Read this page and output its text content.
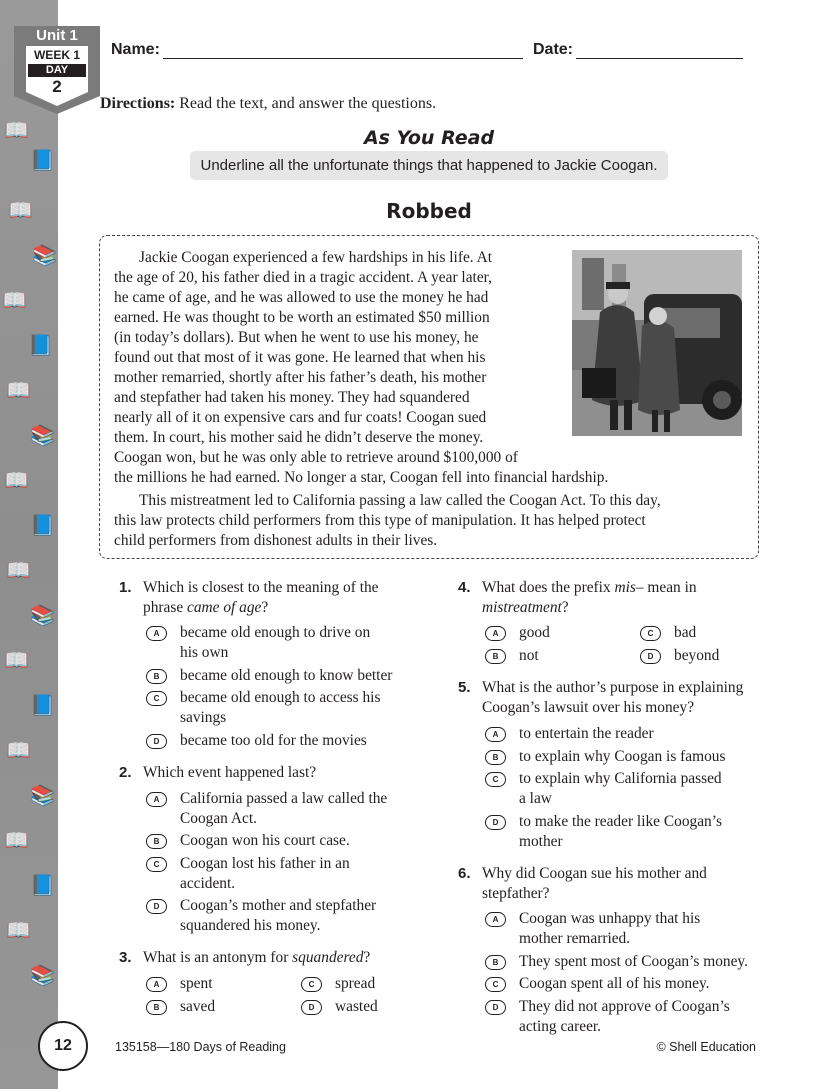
📖
📘
📖
📚
📖
📘
📖
📚
📖
📘
📖
📚
📖
📘
📖
📚
📖
📘
📖
📚
Unit 1
WEEK 1
DAY
2
Name:	Date:
Directions: Read the text, and answer the questions.
As You Read
Underline all the unfortunate things that happened to Jackie Coogan.
Robbed
Jackie Coogan experienced a few hardships in his life. At
the age of 20, his father died in a tragic accident. A year later,
he came of age, and he was allowed to use the money he had
earned. He was thought to be worth an estimated $50 million
(in today’s dollars). But when he went to use his money, he
found out that most of it was gone. He learned that when his
mother remarried, shortly after his father’s death, his mother
and stepfather had taken his money. They had squandered
nearly all of it on expensive cars and fur coats! Coogan sued
them. In court, his mother said he didn’t deserve the money.
Coogan won, but he was only able to retrieve around $100,000 of
the millions he had earned. No longer a star, Coogan fell into financial hardship.
This mistreatment led to California passing a law called the Coogan Act. To this day,
this law protects child performers from this type of manipulation. It has helped protect
child performers from dishonest adults in their lives.
1. Which is closest to the meaning of the
phrase came of age?
A	became old enough to drive on
his own
B	became old enough to know better
C	became old enough to access his
savings
D	became too old for the movies
2. Which event happened last?
A	California passed a law called the
Coogan Act.
B	Coogan won his court case.
C	Coogan lost his father in an
accident.
D	Coogan’s mother and stepfather
squandered his money.
3. What is an antonym for squandered?
A	spent
B	saved
C	spread
D	wasted
4. What does the prefix mis– mean in
mistreatment?
A	good
B	not
C	bad
D	beyond
5. What is the author’s purpose in explaining
Coogan’s lawsuit over his money?
A	to entertain the reader
B	to explain why Coogan is famous
C	to explain why California passed
a law
D	to make the reader like Coogan’s
mother
6. Why did Coogan sue his mother and
stepfather?
A	Coogan was unhappy that his
mother remarried.
B	They spent most of Coogan’s money.
C	Coogan spent all of his money.
D	They did not approve of Coogan’s
acting career.
12	135158—180 Days of Reading	© Shell Education
